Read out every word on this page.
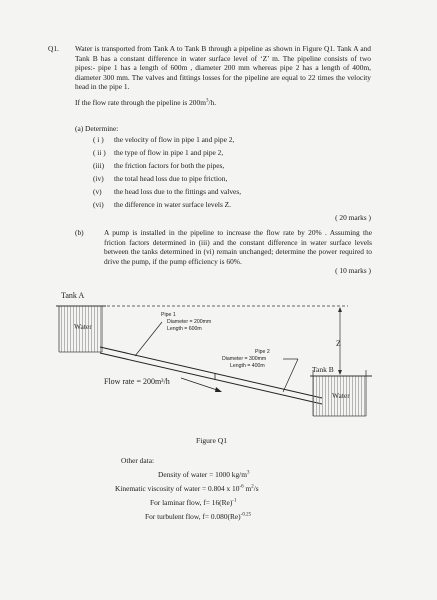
Q1. Water is transported from Tank A to Tank B through a pipeline as shown in Figure Q1. Tank A and Tank B has a constant difference in water surface level of ‘Z’ m. The pipeline consists of two pipes:- pipe 1 has a length of 600m , diameter 200 mm whereas pipe 2 has a length of 400m, diameter 300 mm. The valves and fittings losses for the pipeline are equal to 22 times the velocity head in the pipe 1.
If the flow rate through the pipeline is $200m^3/h$.
(a) Determine:
( i ) the velocity of flow in pipe 1 and pipe 2,
( ii ) the type of flow in pipe 1 and pipe 2,
(iii) the friction factors for both the pipes,
(iv) the total head loss due to pipe friction,
(v) the head loss due to the fittings and valves,
(vi) the difference in water surface levels Z.
( 20 marks )
(b)	A pump is installed in the pipeline to increase the flow rate by 20% . Assuming the friction factors determined in (iii) and the constant difference in water surface levels between the tanks determined in (vi) remain unchanged; determine the power required to drive the pump, if the pump efficiency is 60%.
( 10 marks )
Tank A
Water
Pipe 1
Diameter = 200mm
Length = 600m
Pipe 2
Diameter = 300mm
Length = 400m
Z
Tank B
Water
Flow rate = 200m³/h
Figure Q1
Other data:
Density of water = 1000 $kg/m^3$
Kinematic viscosity of water = 0.804 x $10^{-6}$ $m^2/s$
For laminar flow, $f= 16(Re)^{-1}$
For turbulent flow, $f= 0.080(Re)^{-0.25}$
